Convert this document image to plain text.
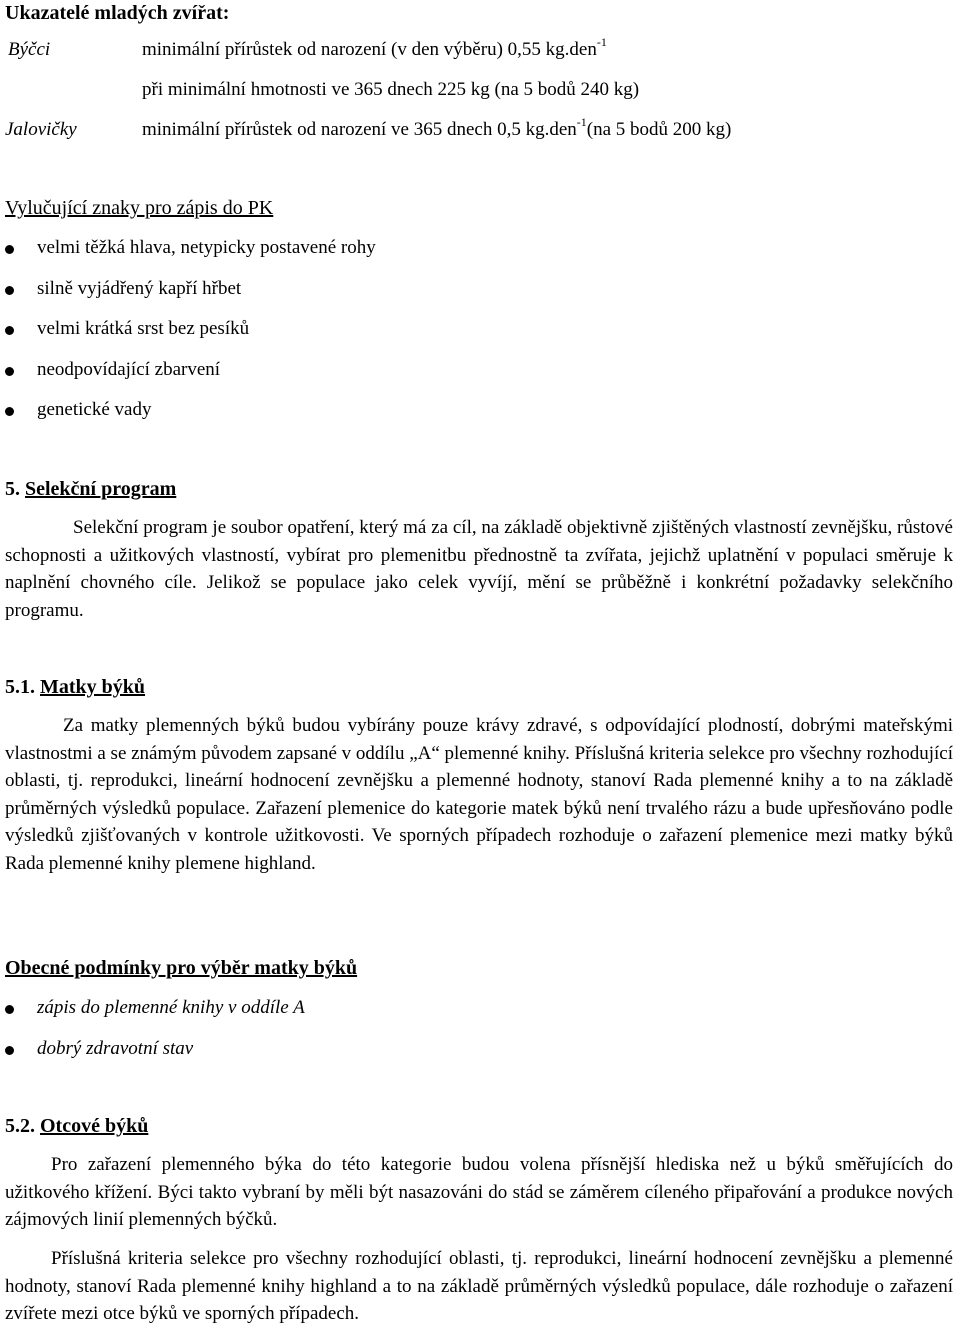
Ukazatelé mladých zvířat:
Býčci	minimální přírůstek od narození (v den výběru) 0,55 kg.den$^{-1}$
při minimální hmotnosti ve 365 dnech 225 kg (na 5 bodů 240 kg)
Jalovičky	minimální přírůstek od narození ve 365 dnech 0,5 kg.den$^{-1}$(na 5 bodů 200 kg)
Vylučující znaky pro zápis do PK
velmi těžká hlava, netypicky postavené rohy
silně vyjádřený kapří hřbet
velmi krátká srst bez pesíků
neodpovídající zbarvení
genetické vady
5. Selekční program

Selekční program je soubor opatření, který má za cíl, na základě objektivně zjištěných vlastností zevnějšku, růstové schopnosti a užitkových vlastností, vybírat pro plemenitbu přednostně ta zvířata, jejichž uplatnění v populaci směruje k naplnění chovného cíle. Jelikož se populace jako celek vyvíjí, mění se průběžně i konkrétní požadavky selekčního programu.

5.1. Matky býků

Za matky plemenných býků budou vybírány pouze krávy zdravé, s odpovídající plodností, dobrými mateřskými vlastnostmi a se známým původem zapsané v oddílu „A“ plemenné knihy. Příslušná kriteria selekce pro všechny rozhodující oblasti, tj. reprodukci, lineární hodnocení zevnějšku a plemenné hodnoty, stanoví Rada plemenné knihy a to na základě průměrných výsledků populace. Zařazení plemenice do kategorie matek býků není trvalého rázu a bude upřesňováno podle výsledků zjišťovaných v kontrole užitkovosti. Ve sporných případech rozhoduje o zařazení plemenice mezi matky býků Rada plemenné knihy plemene highland.

Obecné podmínky pro výběr matky býků
zápis do plemenné knihy v oddíle A
dobrý zdravotní stav
5.2. Otcové býků

Pro zařazení plemenného býka do této kategorie budou volena přísnější hlediska než u býků směřujících do užitkového křížení. Býci takto vybraní by měli být nasazováni do stád se záměrem cíleného připařování a produkce nových zájmových linií plemenných býčků.

Příslušná kriteria selekce pro všechny rozhodující oblasti, tj. reprodukci, lineární hodnocení zevnějšku a plemenné hodnoty, stanoví Rada plemenné knihy highland a to na základě průměrných výsledků populace, dále rozhoduje o zařazení zvířete mezi otce býků ve sporných případech.
